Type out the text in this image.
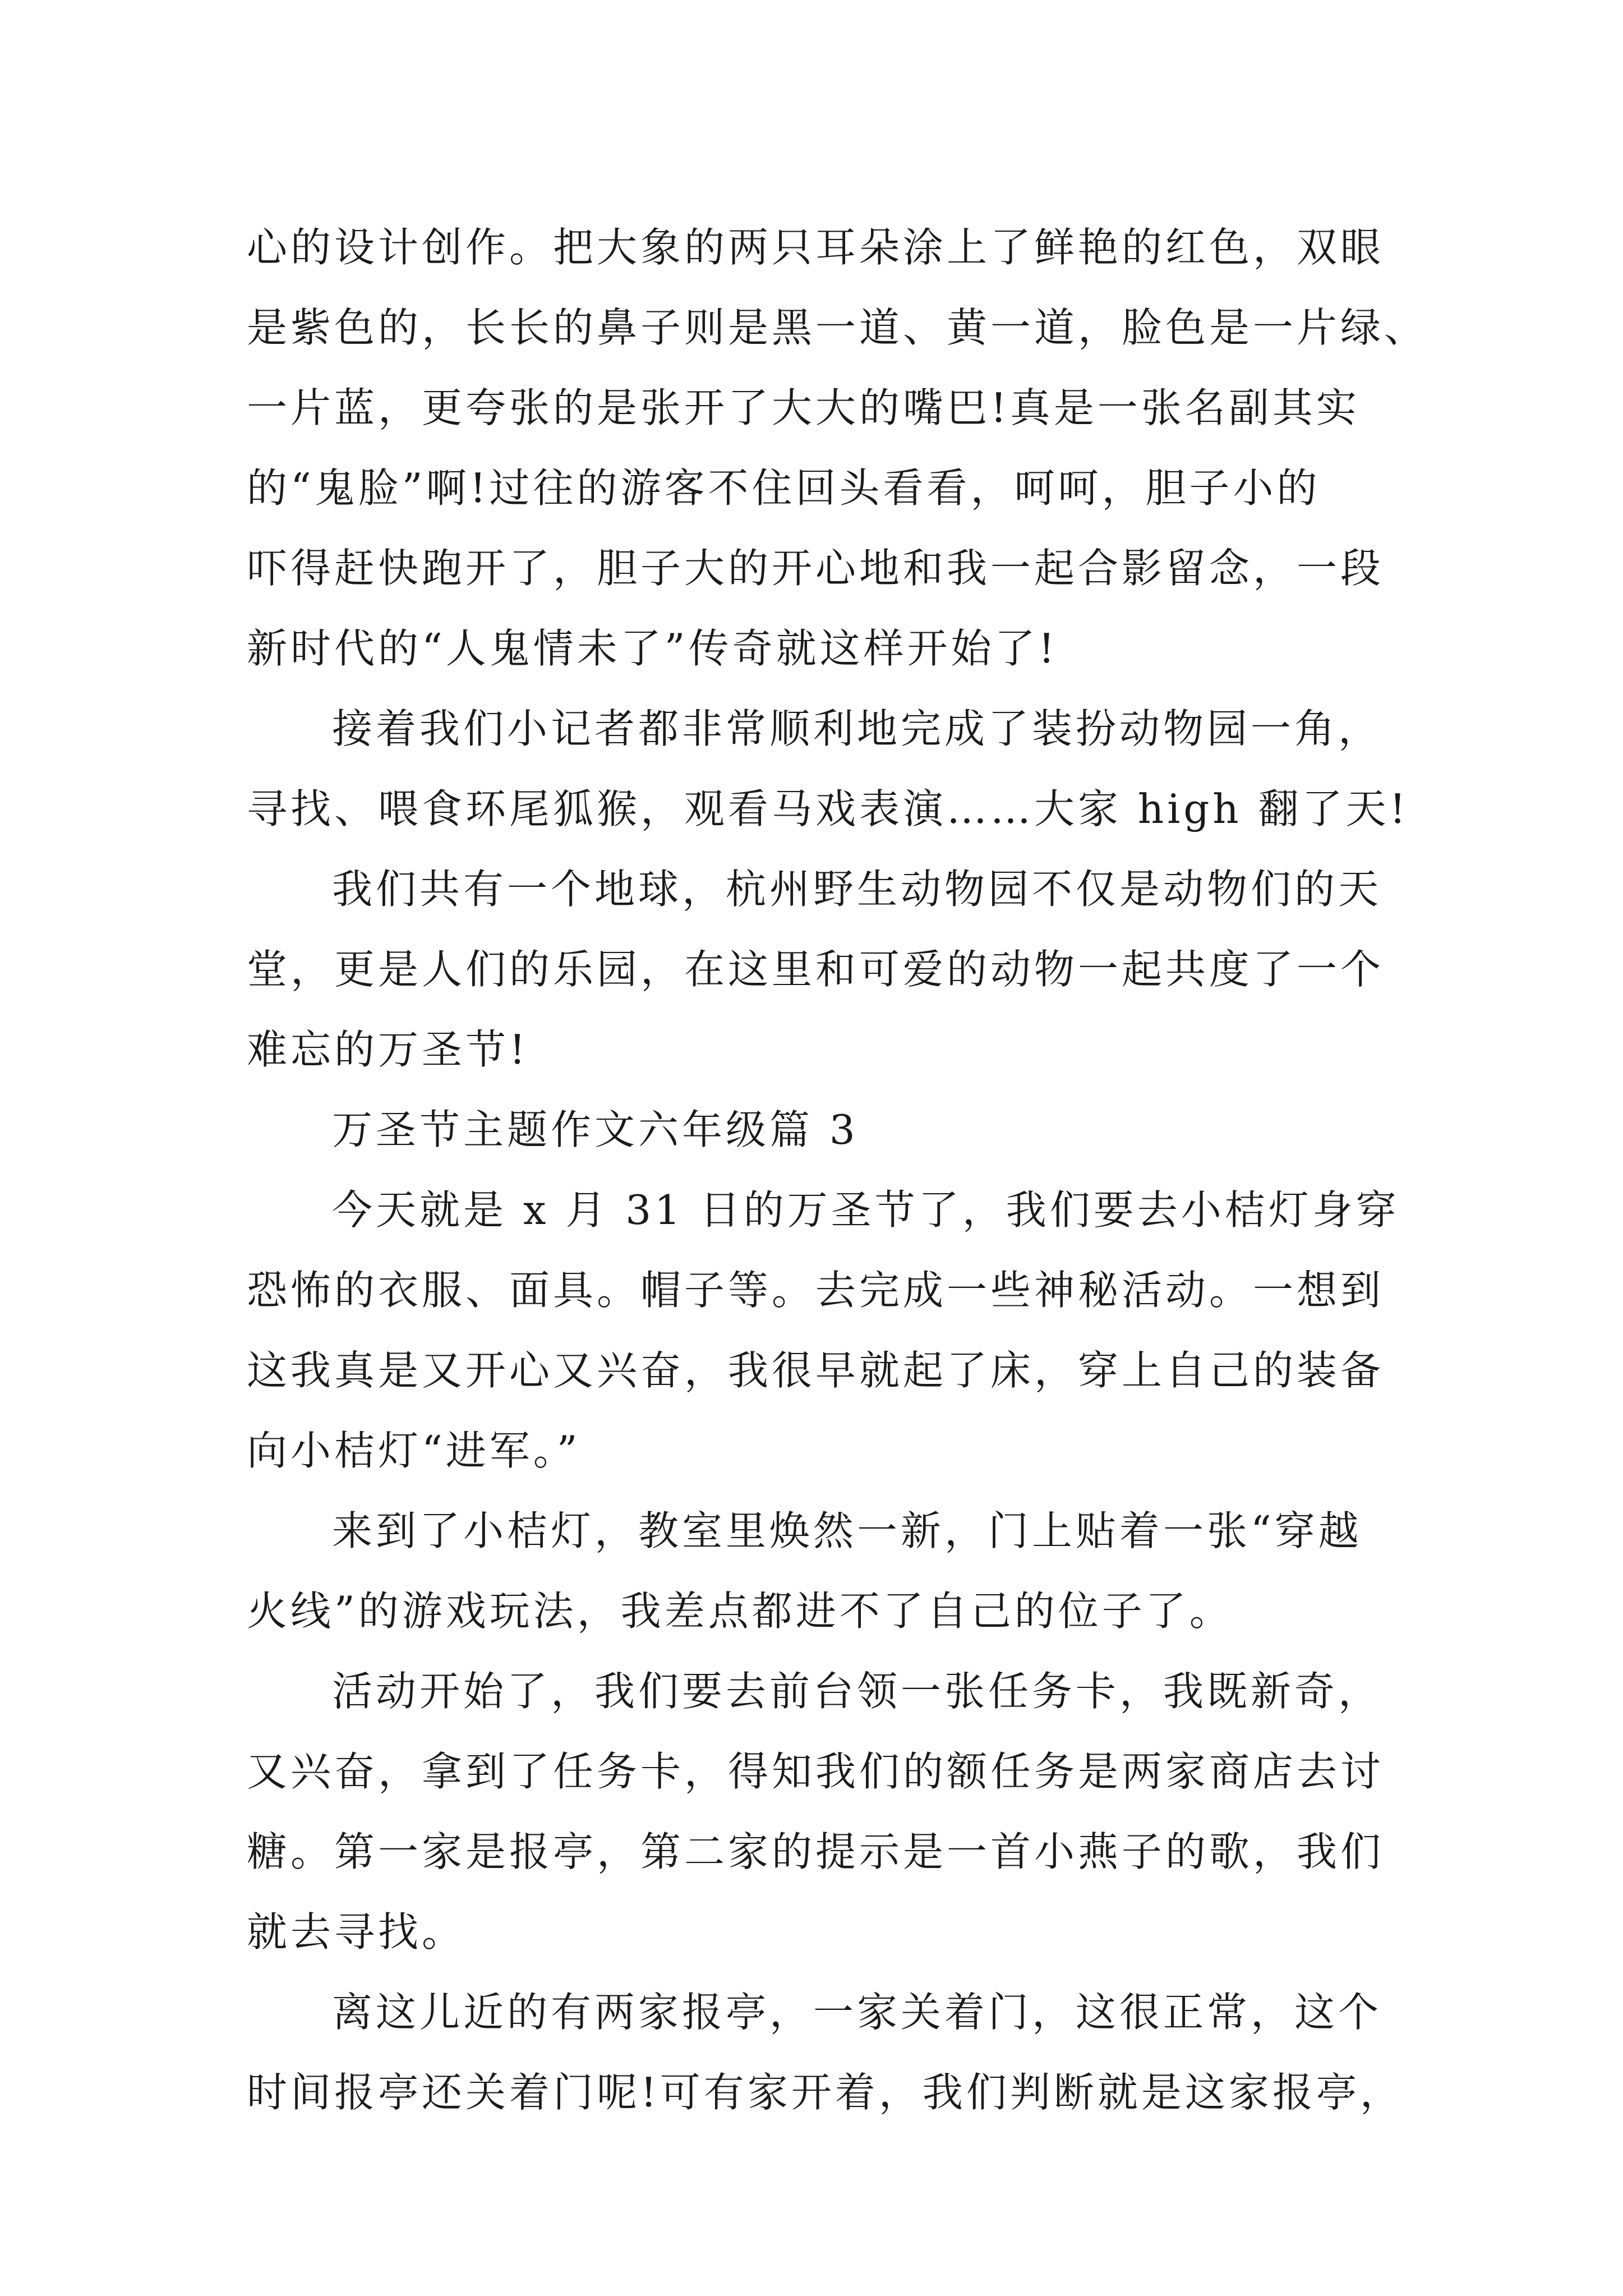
心的设计创作。把大象的两只耳朵涂上了鲜艳的红色，双眼
是紫色的，长长的鼻子则是黑一道、黄一道，脸色是一片绿、
一片蓝，更夸张的是张开了大大的嘴巴!真是一张名副其实
的“鬼脸”啊!过往的游客不住回头看看，呵呵，胆子小的
吓得赶快跑开了，胆子大的开心地和我一起合影留念，一段
新时代的“人鬼情未了”传奇就这样开始了!
接着我们小记者都非常顺利地完成了装扮动物园一角，
寻找、喂食环尾狐猴，观看马戏表演……大家 high 翻了天!
我们共有一个地球，杭州野生动物园不仅是动物们的天
堂，更是人们的乐园，在这里和可爱的动物一起共度了一个
难忘的万圣节!
万圣节主题作文六年级篇 3
今天就是 x 月 31 日的万圣节了，我们要去小桔灯身穿
恐怖的衣服、面具。帽子等。去完成一些神秘活动。一想到
这我真是又开心又兴奋，我很早就起了床，穿上自己的装备
向小桔灯“进军。”
来到了小桔灯，教室里焕然一新，门上贴着一张“穿越
火线”的游戏玩法，我差点都进不了自己的位子了。
活动开始了，我们要去前台领一张任务卡，我既新奇，
又兴奋，拿到了任务卡，得知我们的额任务是两家商店去讨
糖。第一家是报亭，第二家的提示是一首小燕子的歌，我们
就去寻找。
离这儿近的有两家报亭，一家关着门，这很正常，这个
时间报亭还关着门呢!可有家开着，我们判断就是这家报亭，
